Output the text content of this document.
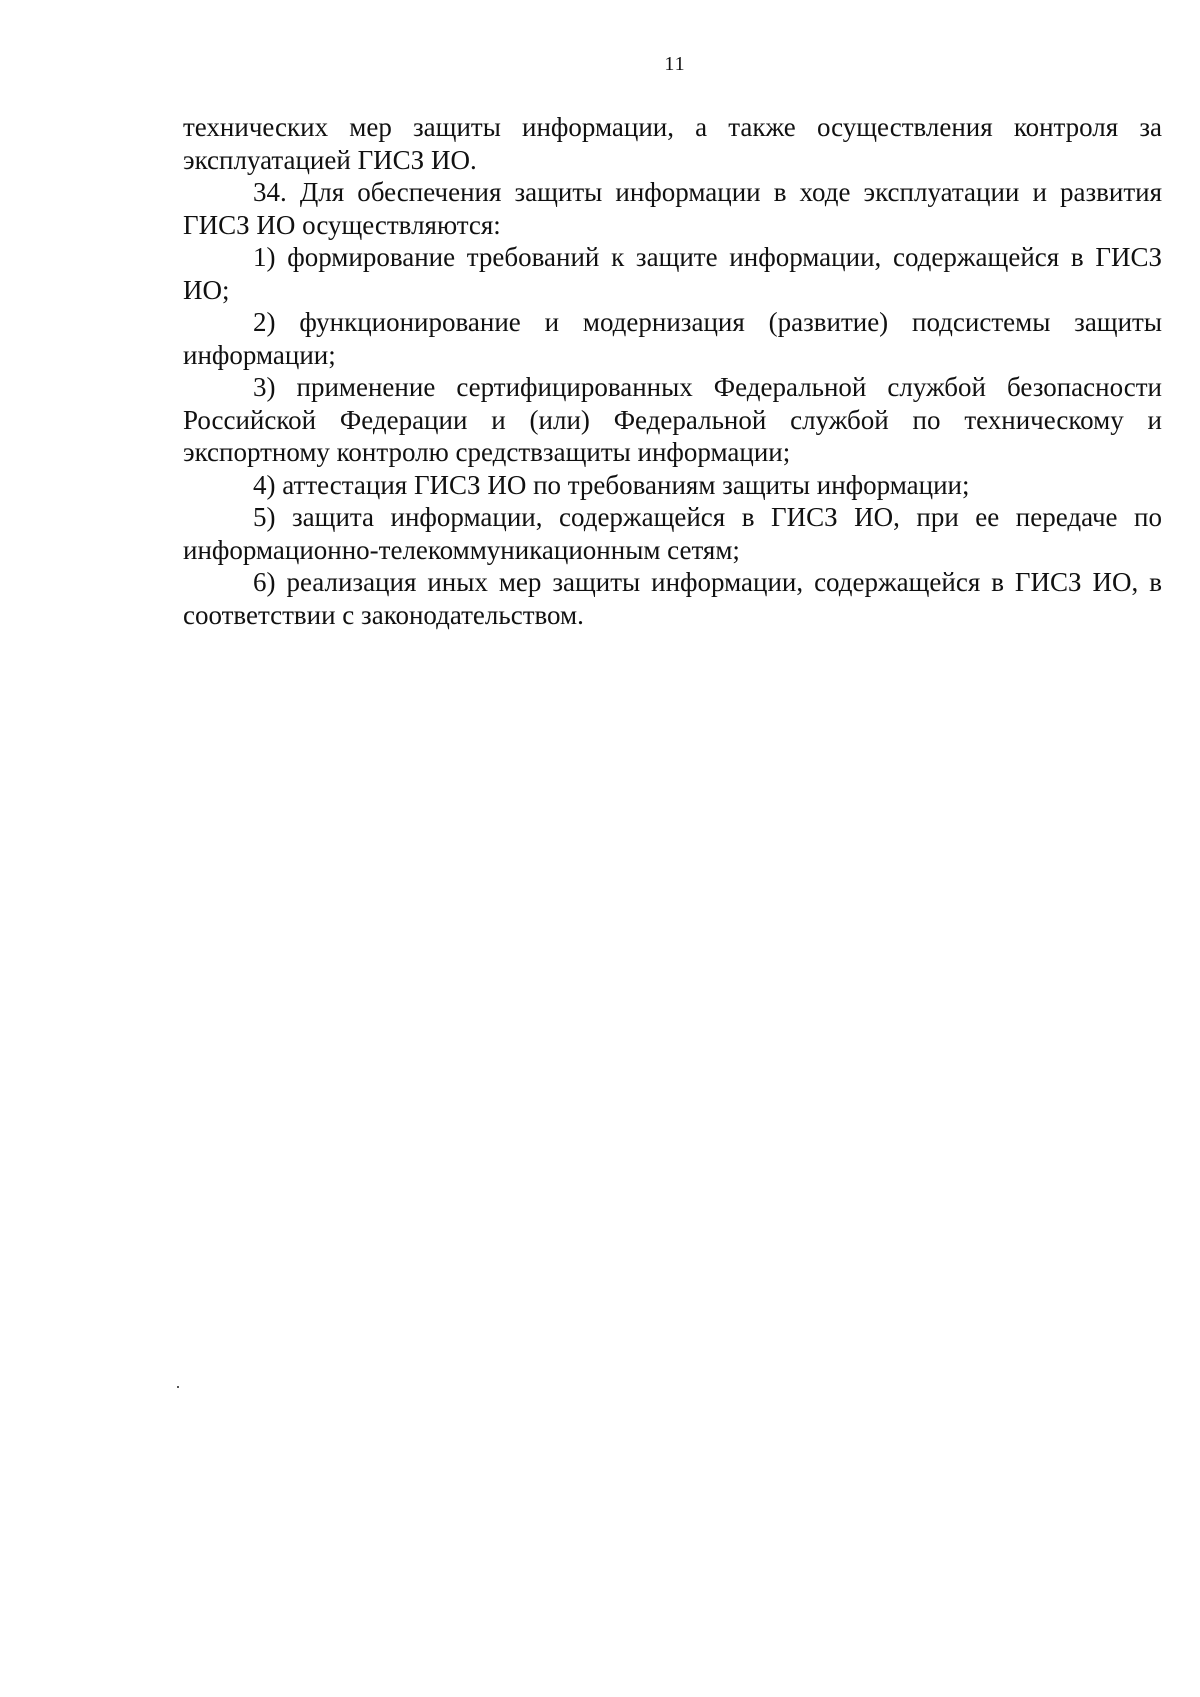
11

технических мер защиты информации, а также осуществления контроля за эксплуатацией ГИСЗ ИО.

34. Для обеспечения защиты информации в ходе эксплуатации и развития ГИСЗ ИО осуществляются:

1) формирование требований к защите информации, содержащейся в ГИСЗ ИО;

2) функционирование и модернизация (развитие) подсистемы защиты информации;

3) применение сертифицированных Федеральной службой безопасности Российской Федерации и (или) Федеральной службой по техническому и экспортному контролю средствзащиты информации;

4) аттестация ГИСЗ ИО по требованиям защиты информации;

5) защита информации, содержащейся в ГИСЗ ИО, при ее передаче по информационно-телекоммуникационным сетям;

6) реализация иных мер защиты информации, содержащейся в ГИСЗ ИО, в соответствии с законодательством.
